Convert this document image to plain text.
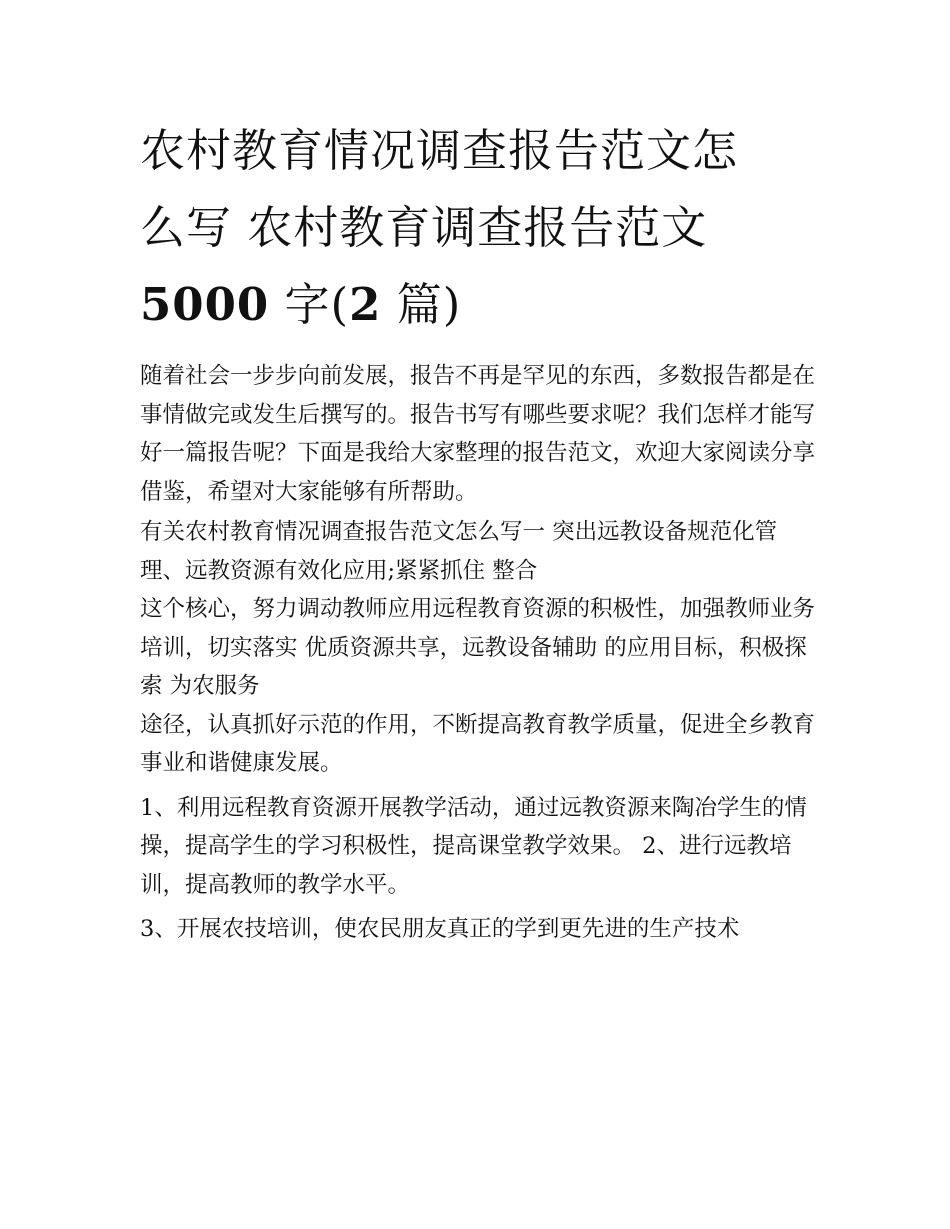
农村教育情况调查报告范文怎
么写 农村教育调查报告范文
5000 字(2 篇)

随着社会一步步向前发展，报告不再是罕见的东西，多数报告都是在事情做完或发生后撰写的。报告书写有哪些要求呢？我们怎样才能写好一篇报告呢？下面是我给大家整理的报告范文，欢迎大家阅读分享借鉴，希望对大家能够有所帮助。

有关农村教育情况调查报告范文怎么写一 突出远教设备规范化管理、远教资源有效化应用;紧紧抓住 整合

这个核心，努力调动教师应用远程教育资源的积极性，加强教师业务培训，切实落实 优质资源共享，远教设备辅助 的应用目标，积极探索 为农服务

途径，认真抓好示范的作用，不断提高教育教学质量，促进全乡教育事业和谐健康发展。

1、利用远程教育资源开展教学活动，通过远教资源来陶冶学生的情操，提高学生的学习积极性，提高课堂教学效果。 2、进行远教培训，提高教师的教学水平。

3、开展农技培训，使农民朋友真正的学到更先进的生产技术
